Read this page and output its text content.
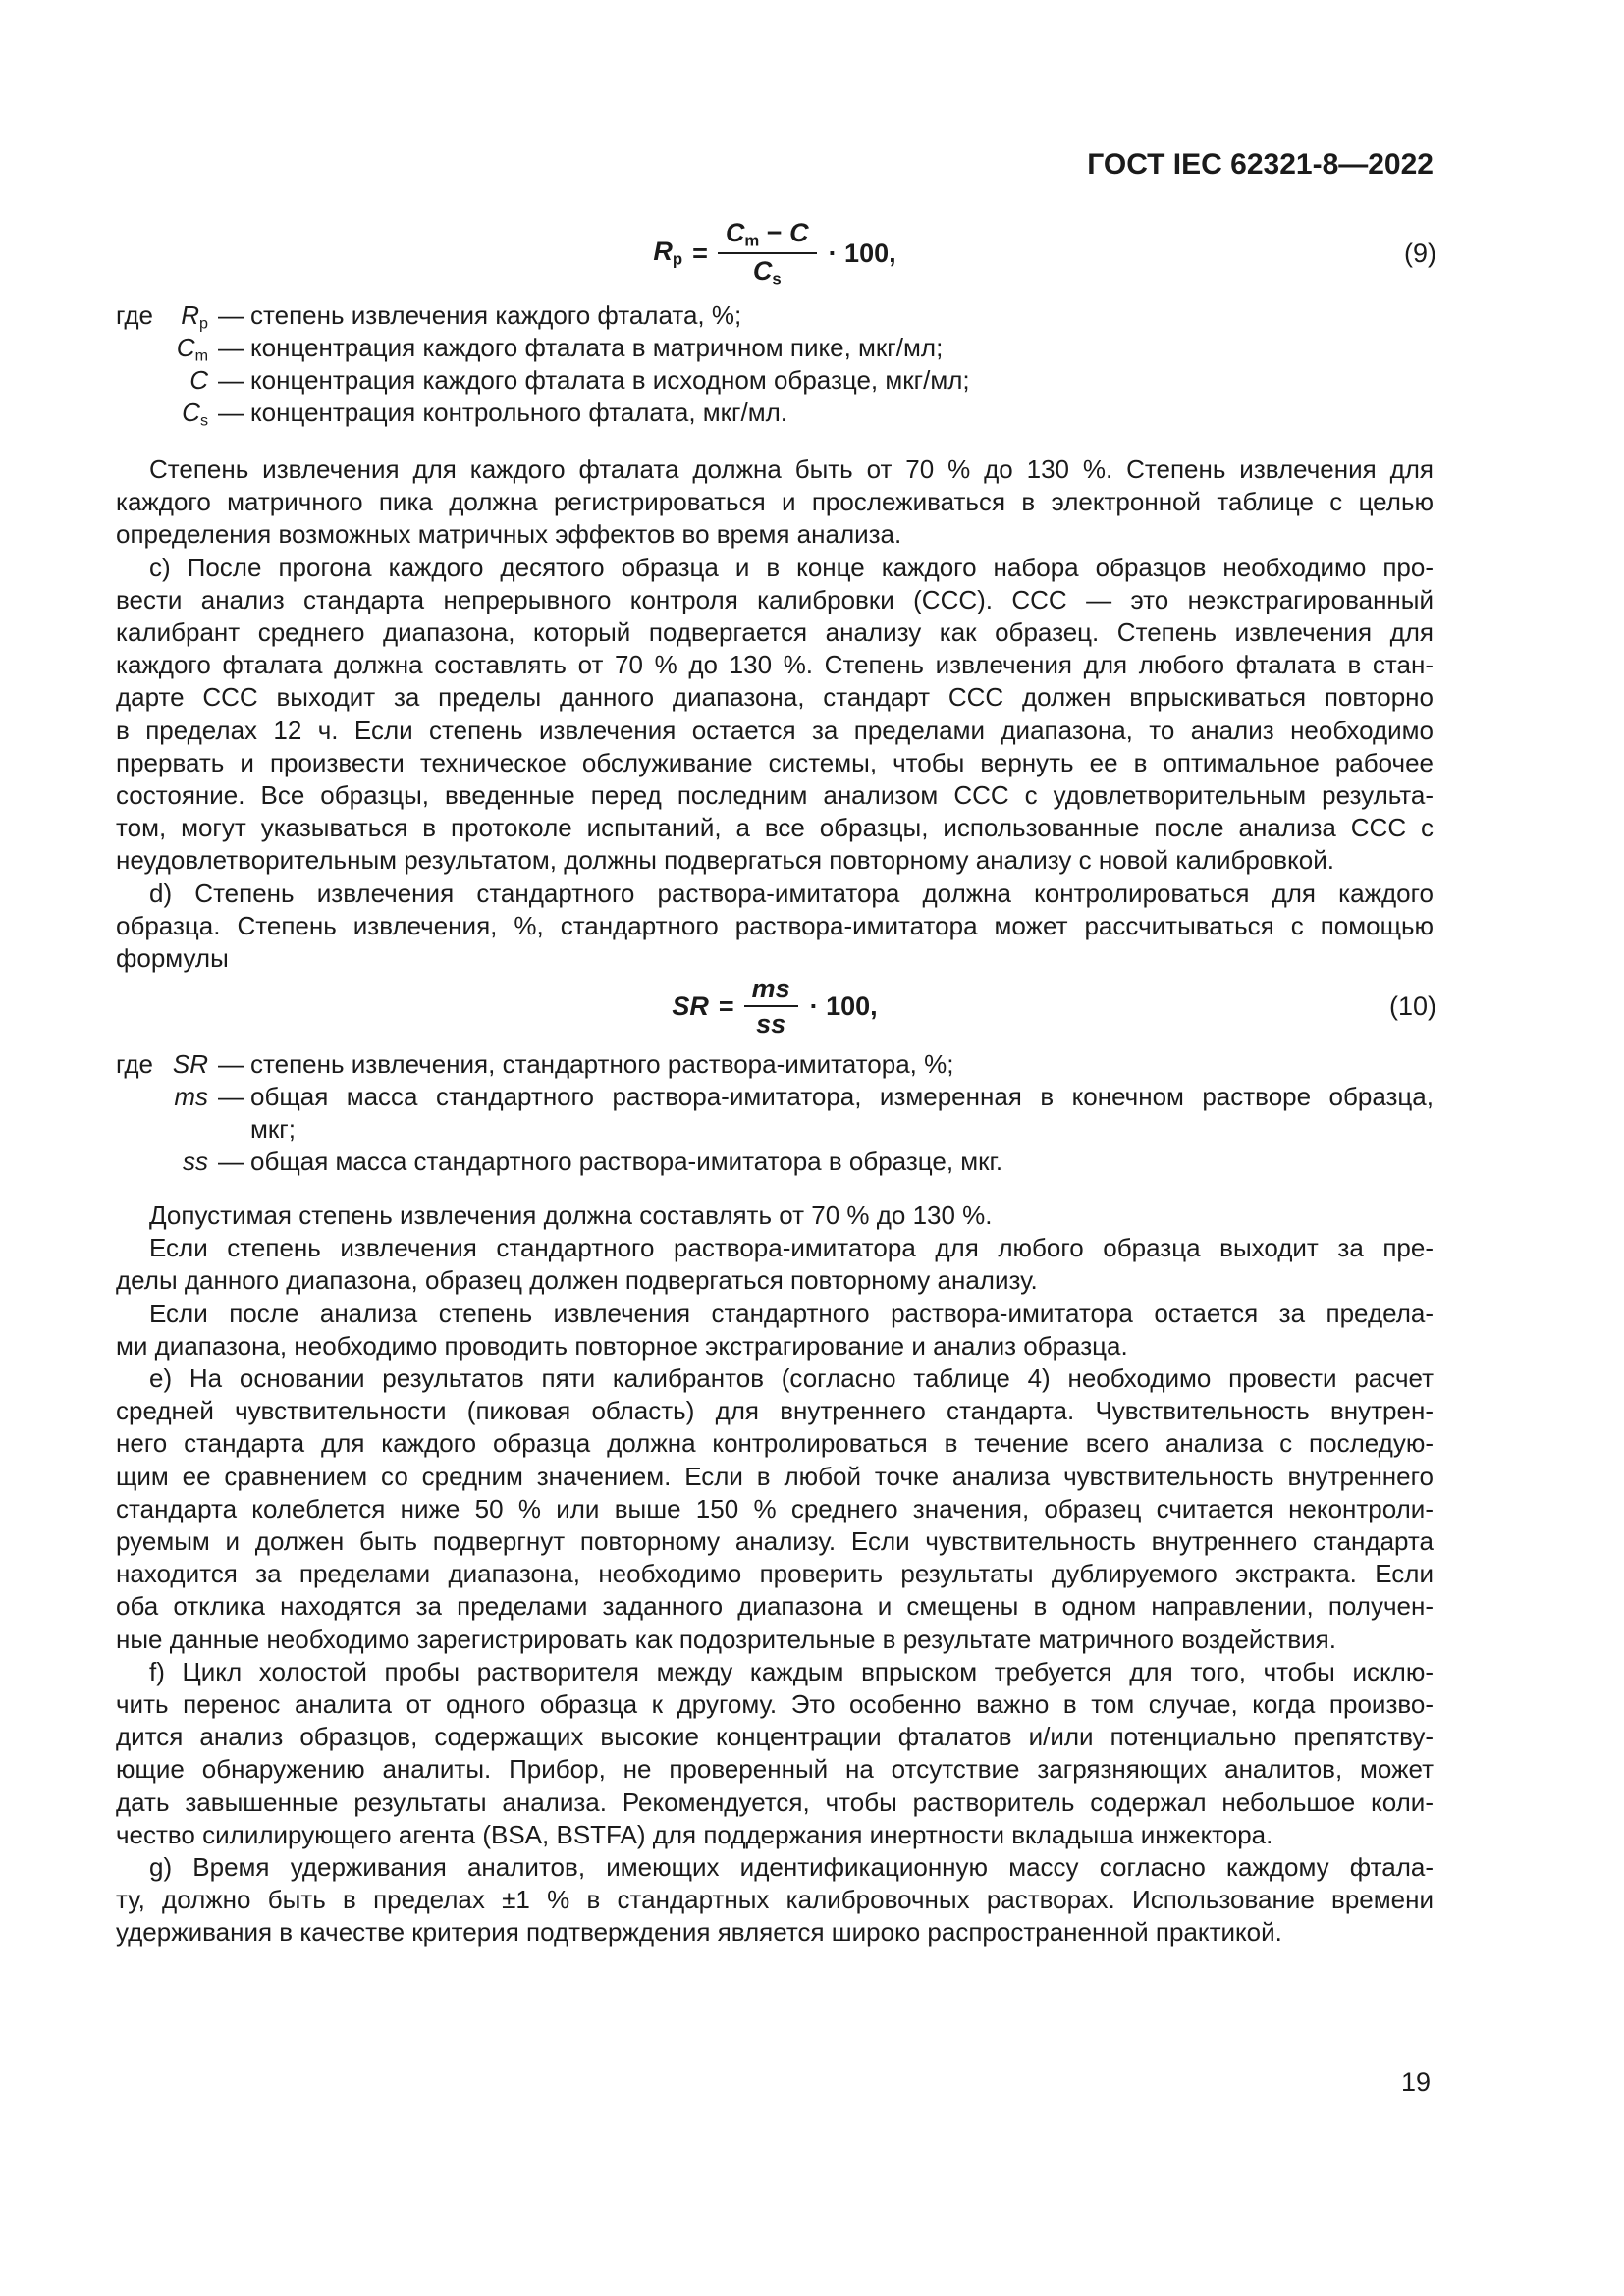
ГОСТ IEC 62321-8—2022
$R_p = \frac{C_m - C}{C_s} \cdot 100$,	(9)
где	$R_p$ — степень извлечения каждого фталата, %;
$C_m$ — концентрация каждого фталата в матричном пике, мкг/мл;
C — концентрация каждого фталата в исходном образце, мкг/мл;
$C_s$ — концентрация контрольного фталата, мкг/мл.
Степень извлечения для каждого фталата должна быть от 70 % до 130 %. Степень извлечения для
каждого матричного пика должна регистрироваться и прослеживаться в электронной таблице с целью
определения возможных матричных эффектов во время анализа.
c) После прогона каждого десятого образца и в конце каждого набора образцов необходимо про-
вести анализ стандарта непрерывного контроля калибровки (ССС). ССС — это неэкстрагированный
калибрант среднего диапазона, который подвергается анализу как образец. Степень извлечения для
каждого фталата должна составлять от 70 % до 130 %. Степень извлечения для любого фталата в стан-
дарте ССС выходит за пределы данного диапазона, стандарт ССС должен впрыскиваться повторно
в пределах 12 ч. Если степень извлечения остается за пределами диапазона, то анализ необходимо
прервать и произвести техническое обслуживание системы, чтобы вернуть ее в оптимальное рабочее
состояние. Все образцы, введенные перед последним анализом ССС с удовлетворительным результа-
том, могут указываться в протоколе испытаний, а все образцы, использованные после анализа ССС с
неудовлетворительным результатом, должны подвергаться повторному анализу с новой калибровкой.
d) Степень извлечения стандартного раствора-имитатора должна контролироваться для каждого
образца. Степень извлечения, %, стандартного раствора-имитатора может рассчитываться с помощью
формулы
SR = $\frac{ms}{ss} \cdot 100$,	(10)
где SR — степень извлечения, стандартного раствора-имитатора, %;
ms — общая масса стандартного раствора-имитатора, измеренная в конечном растворе образца,
мкг;
ss — общая масса стандартного раствора-имитатора в образце, мкг.
Допустимая степень извлечения должна составлять от 70 % до 130 %.
Если степень извлечения стандартного раствора-имитатора для любого образца выходит за пре-
делы данного диапазона, образец должен подвергаться повторному анализу.
Если после анализа степень извлечения стандартного раствора-имитатора остается за предела-
ми диапазона, необходимо проводить повторное экстрагирование и анализ образца.
e) На основании результатов пяти калибрантов (согласно таблице 4) необходимо провести расчет
средней чувствительности (пиковая область) для внутреннего стандарта. Чувствительность внутрен-
него стандарта для каждого образца должна контролироваться в течение всего анализа с последую-
щим ее сравнением со средним значением. Если в любой точке анализа чувствительность внутреннего
стандарта колеблется ниже 50 % или выше 150 % среднего значения, образец считается неконтроли-
руемым и должен быть подвергнут повторному анализу. Если чувствительность внутреннего стандарта
находится за пределами диапазона, необходимо проверить результаты дублируемого экстракта. Если
оба отклика находятся за пределами заданного диапазона и смещены в одном направлении, получен-
ные данные необходимо зарегистрировать как подозрительные в результате матричного воздействия.
f) Цикл холостой пробы растворителя между каждым впрыском требуется для того, чтобы исклю-
чить перенос аналита от одного образца к другому. Это особенно важно в том случае, когда произво-
дится анализ образцов, содержащих высокие концентрации фталатов и/или потенциально препятству-
ющие обнаружению аналиты. Прибор, не проверенный на отсутствие загрязняющих аналитов, может
дать завышенные результаты анализа. Рекомендуется, чтобы растворитель содержал небольшое коли-
чество силилирующего агента (BSA, BSTFA) для поддержания инертности вкладыша инжектора.
g) Время удерживания аналитов, имеющих идентификационную массу согласно каждому фтала-
ту, должно быть в пределах ±1 % в стандартных калибровочных растворах. Использование времени
удерживания в качестве критерия подтверждения является широко распространенной практикой.
19
